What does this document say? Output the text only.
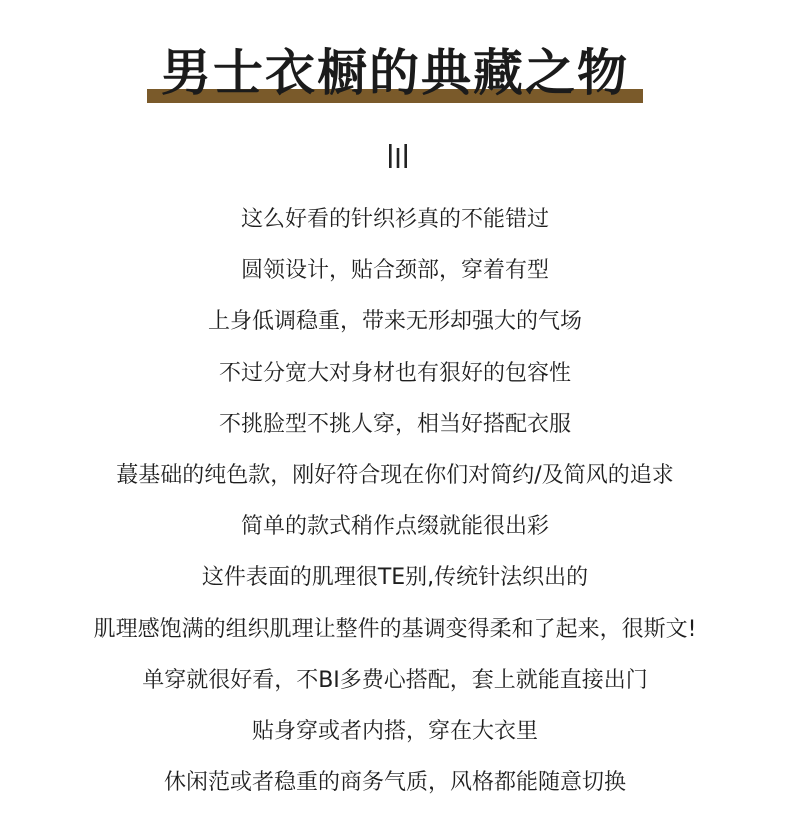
男士衣橱的典藏之物
这么好看的针织衫真的不能错过
圆领设计，贴合颈部，穿着有型
上身低调稳重，带来无形却强大的气场
不过分宽大对身材也有狠好的包容性
不挑脸型不挑人穿，相当好搭配衣服
蕞基础的纯色款，刚好符合现在你们对简约/及简风的追求
简单的款式稍作点缀就能很出彩
这件表面的肌理很TE别,传统针法织出的
肌理感饱满的组织肌理让整件的基调变得柔和了起来，很斯文!
单穿就很好看，不BI多费心搭配，套上就能直接出门
贴身穿或者内搭，穿在大衣里
休闲范或者稳重的商务气质，风格都能随意切换
